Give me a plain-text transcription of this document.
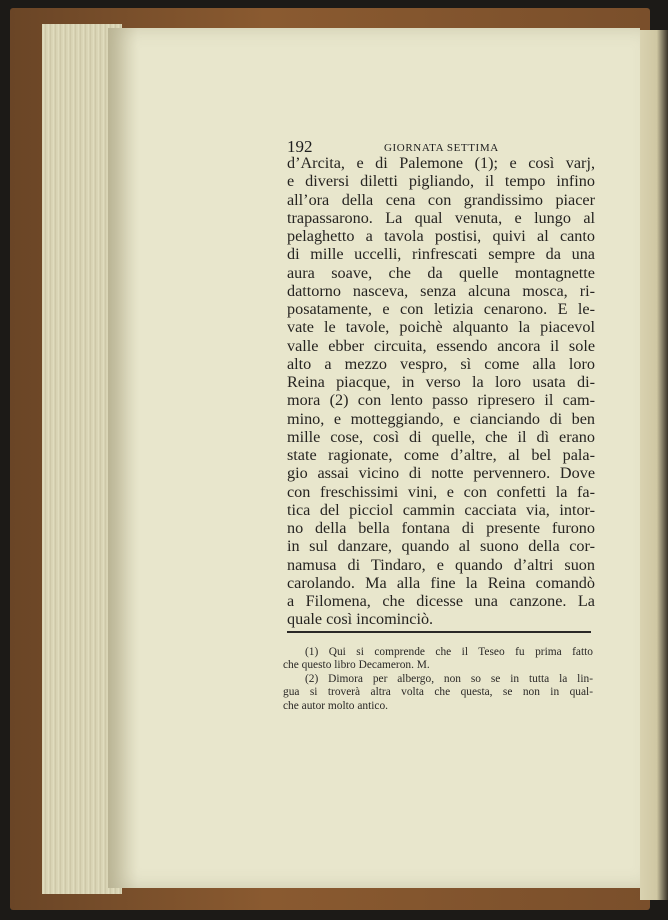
192	GIORNATA SETTIMA
d’Arcita, e di Palemone (1); e così varj,
e diversi diletti pigliando, il tempo infino
all’ora della cena con grandissimo piacer
trapassarono. La qual venuta, e lungo al
pelaghetto a tavola postisi, quivi al canto
di mille uccelli, rinfrescati sempre da una
aura soave, che da quelle montagnette
dattorno nasceva, senza alcuna mosca, ri-
posatamente, e con letizia cenarono. E le-
vate le tavole, poichè alquanto la piacevol
valle ebber circuita, essendo ancora il sole
alto a mezzo vespro, sì come alla loro
Reina piacque, in verso la loro usata di-
mora (2) con lento passo ripresero il cam-
mino, e motteggiando, e cianciando di ben
mille cose, così di quelle, che il dì erano
state ragionate, come d’altre, al bel pala-
gio assai vicino di notte pervennero. Dove
con freschissimi vini, e con confetti la fa-
tica del picciol cammin cacciata via, intor-
no della bella fontana di presente furono
in sul danzare, quando al suono della cor-
namusa di Tindaro, e quando d’altri suon
carolando. Ma alla fine la Reina comandò
a Filomena, che dicesse una canzone. La
quale così incominciò.
(1) Qui si comprende che il Teseo fu prima fatto
che questo libro Decameron. M.
(2) Dimora per albergo, non so se in tutta la lin-
gua si troverà altra volta che questa, se non in qual-
che autor molto antico.
